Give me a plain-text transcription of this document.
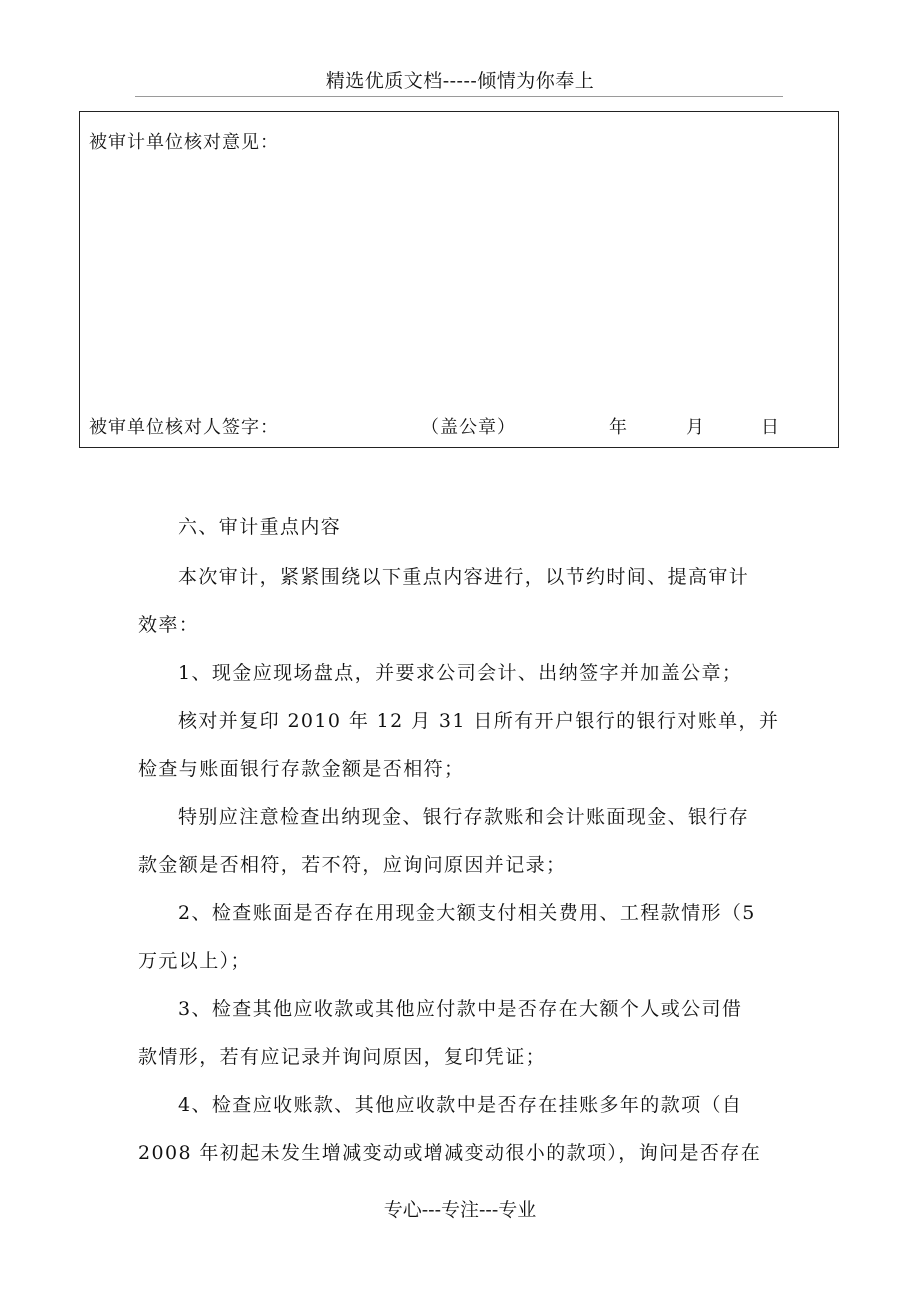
精选优质文档-----倾情为你奉上
被审计单位核对意见：
被审单位核对人签字：	（盖公章）	年	月	日
六、审计重点内容
本次审计，紧紧围绕以下重点内容进行，以节约时间、提高审计
效率：
1、现金应现场盘点，并要求公司会计、出纳签字并加盖公章；
核对并复印 2010 年 12 月 31 日所有开户银行的银行对账单，并
检查与账面银行存款金额是否相符；
特别应注意检查出纳现金、银行存款账和会计账面现金、银行存
款金额是否相符，若不符，应询问原因并记录；
2、检查账面是否存在用现金大额支付相关费用、工程款情形（5
万元以上）；
3、检查其他应收款或其他应付款中是否存在大额个人或公司借
款情形，若有应记录并询问原因，复印凭证；
4、检查应收账款、其他应收款中是否存在挂账多年的款项（自
2008 年初起未发生增减变动或增减变动很小的款项），询问是否存在
专心---专注---专业
